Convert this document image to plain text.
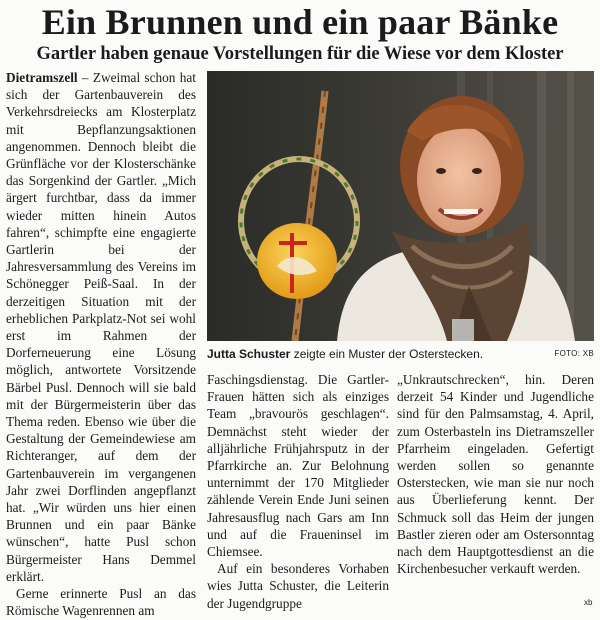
Ein Brunnen und ein paar Bänke
Gartler haben genaue Vorstellungen für die Wiese vor dem Kloster

Dietramszell – Zweimal schon hat sich der Gartenbauverein des Verkehrsdreiecks am Klosterplatz mit Bepflanzungsaktionen angenommen. Dennoch bleibt die Grünfläche vor der Klosterschänke das Sorgenkind der Gartler. „Mich ärgert furchtbar, dass da immer wieder mitten hinein Autos fahren“, schimpfte eine engagierte Gartlerin bei der Jahresversammlung des Vereins im Schönegger Peiß-Saal. In der derzeitigen Situation mit der erheblichen Parkplatz-Not sei wohl erst im Rahmen der Dorferneuerung eine Lösung möglich, antwortete Vorsitzende Bärbel Pusl. Dennoch will sie bald mit der Bürgermeisterin über das Thema reden. Ebenso wie über die Gestaltung der Gemeindewiese am Richteranger, auf dem der Gartenbauverein im vergangenen Jahr zwei Dorflinden angepflanzt hat. „Wir würden uns hier einen Brunnen und ein paar Bänke wünschen“, hatte Pusl schon Bürgermeister Hans Demmel erklärt.

Gerne erinnerte Pusl an das Römische Wagenrennen am

Jutta Schuster zeigte ein Muster der Osterstecken.	FOTO: XB

Faschingsdienstag. Die Gartler-Frauen hätten sich als einziges Team „bravourös geschlagen“. Demnächst steht wieder der alljährliche Frühjahrsputz in der Pfarrkirche an. Zur Belohnung unternimmt der 170 Mitglieder zählende Verein Ende Juni seinen Jahresausflug nach Gars am Inn und auf die Fraueninsel im Chiemsee.

Auf ein besonderes Vorhaben wies Jutta Schuster, die Leiterin der Jugendgruppe

„Unkrautschrecken“, hin. Deren derzeit 54 Kinder und Jugendliche sind für den Palmsamstag, 4. April, zum Osterbasteln ins Dietramszeller Pfarrheim eingeladen. Gefertigt werden sollen so genannte Osterstecken, wie man sie nur noch aus Überlieferung kennt. Der Schmuck soll das Heim der jungen Bastler zieren oder am Ostersonntag nach dem Hauptgottesdienst an die Kirchenbesucher verkauft werden.

xb
